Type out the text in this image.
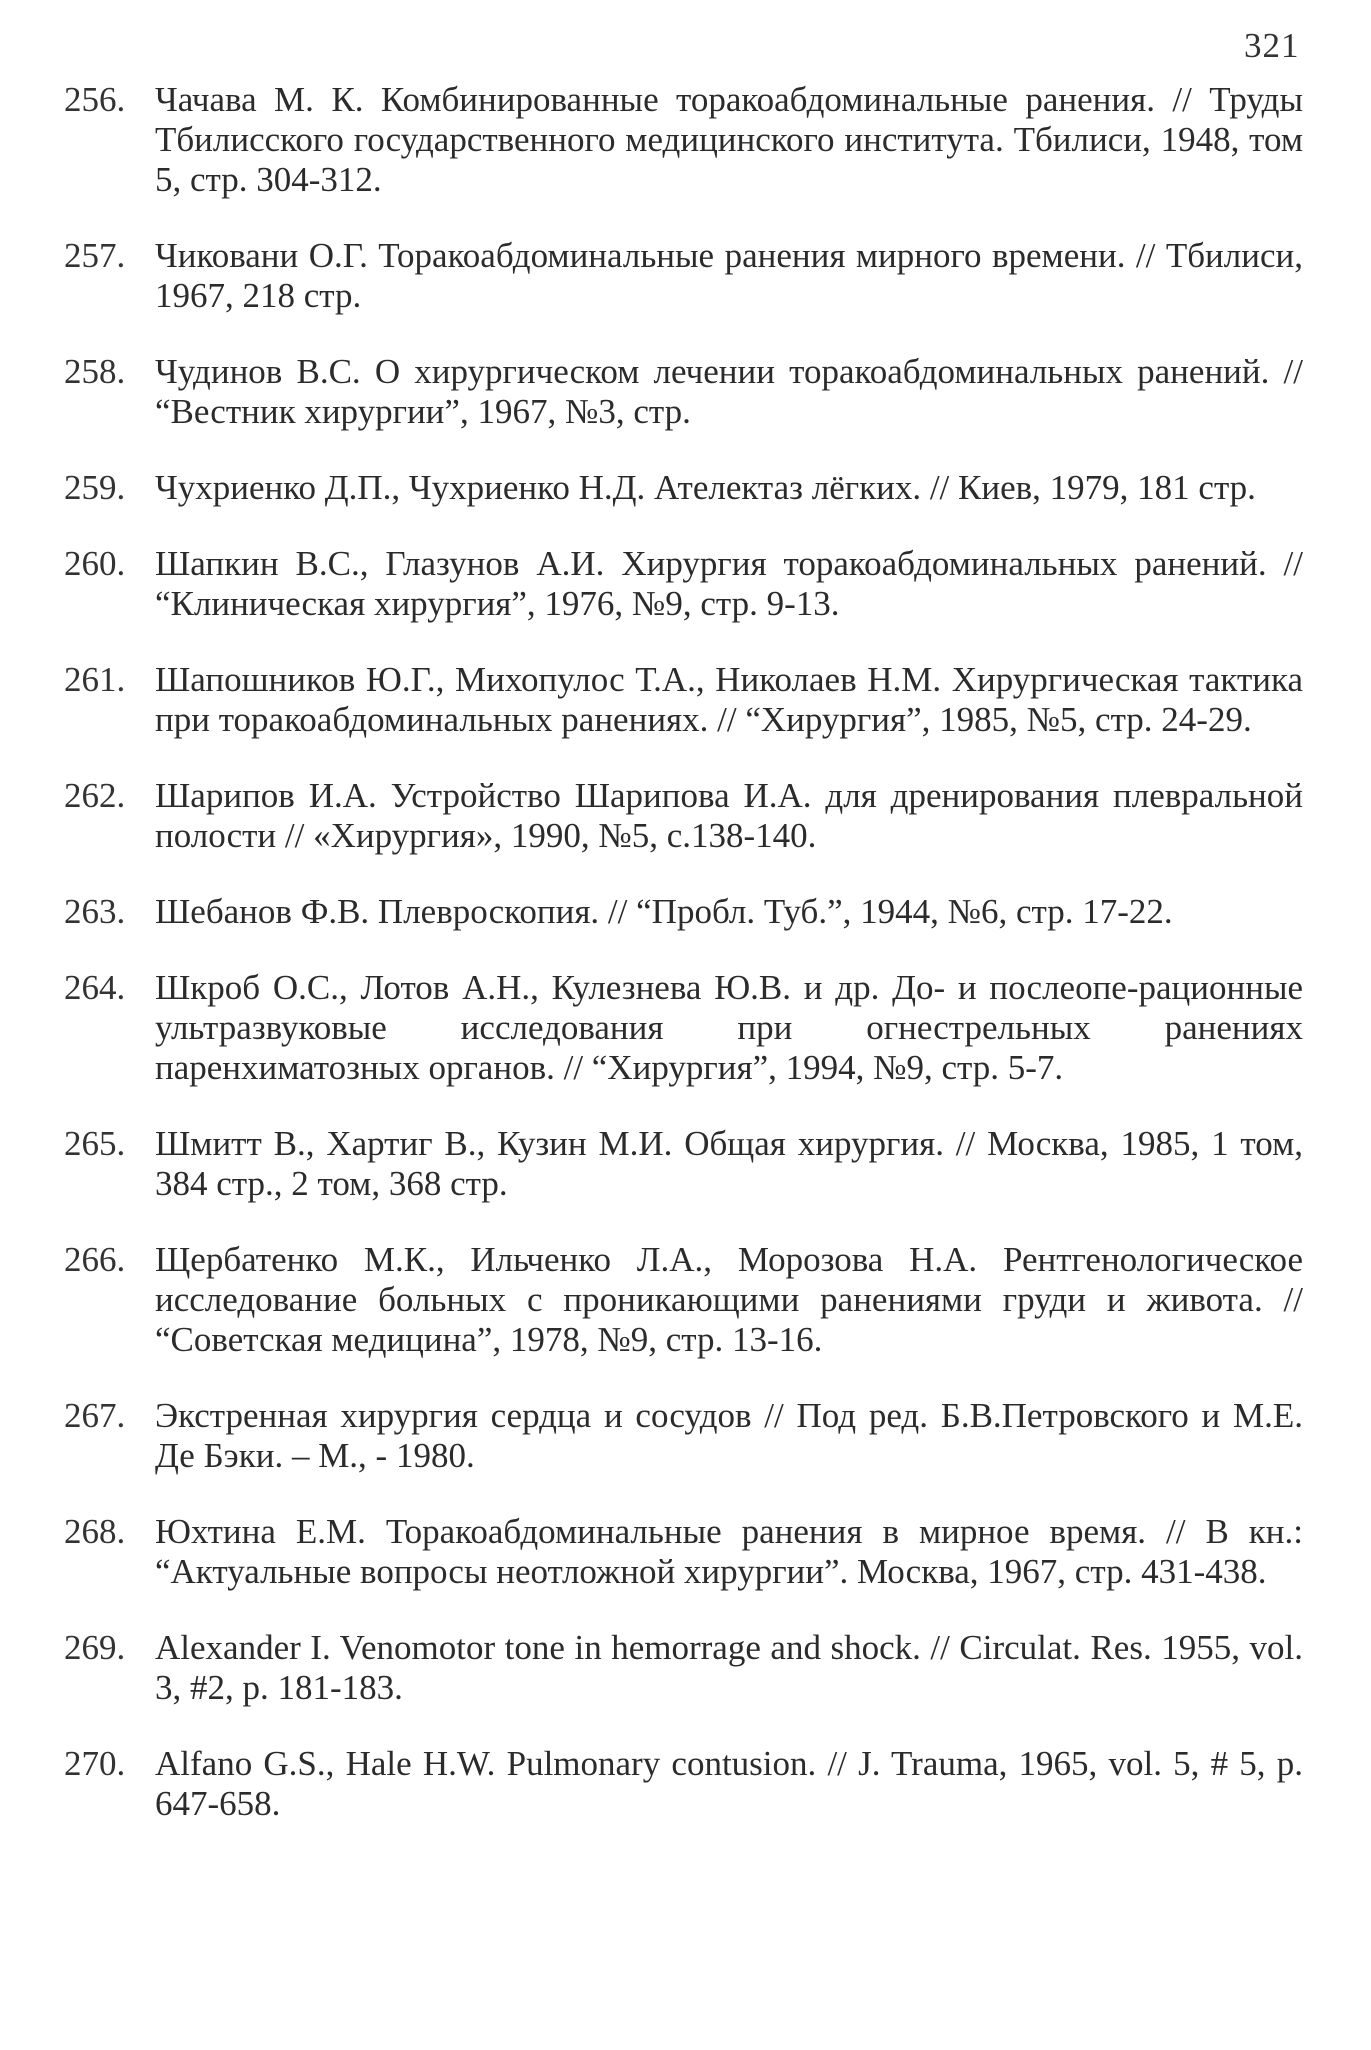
321
256. Чачава М. К. Комбинированные торакоабдоминальные ранения. // Труды Тбилисского государственного медицинского института. Тбилиси, 1948, том 5, стр. 304-312.
257. Чиковани О.Г. Торакоабдоминальные ранения мирного времени. // Тбилиси, 1967, 218 стр.
258. Чудинов В.С. О хирургическом лечении торакоабдоминальных ранений. // “Вестник хирургии”, 1967, №3, стр.
259. Чухриенко Д.П., Чухриенко Н.Д. Ателектаз лёгких. // Киев, 1979, 181 стр.
260. Шапкин В.С., Глазунов А.И. Хирургия торакоабдоминальных ранений. // “Клиническая хирургия”, 1976, №9, стр. 9-13.
261. Шапошников Ю.Г., Михопулос Т.А., Николаев Н.М. Хирургическая тактика при торакоабдоминальных ранениях. // “Хирургия”, 1985, №5, стр. 24-29.
262. Шарипов И.А. Устройство Шарипова И.А. для дренирования плевральной полости // «Хирургия», 1990, №5, с.138-140.
263. Шебанов Ф.В. Плевроскопия. // “Пробл. Туб.”, 1944, №6, стр. 17-22.
264. Шкроб О.С., Лотов А.Н., Кулезнева Ю.В. и др. До- и послеопе-рационные ультразвуковые исследования при огнестрельных ранениях паренхиматозных органов. // “Хирургия”, 1994, №9, стр. 5-7.
265. Шмитт В., Хартиг В., Кузин М.И. Общая хирургия. // Москва, 1985, 1 том, 384 стр., 2 том, 368 стр.
266. Щербатенко М.К., Ильченко Л.А., Морозова Н.А. Рентгенологическое исследование больных с проникающими ранениями груди и живота. // “Советская медицина”, 1978, №9, стр. 13-16.
267. Экстренная хирургия сердца и сосудов // Под ред. Б.В.Петровского и М.Е. Де Бэки. – М., - 1980.
268. Юхтина Е.М. Торакоабдоминальные ранения в мирное время. // В кн.: “Актуальные вопросы неотложной хирургии”. Москва, 1967, стр. 431-438.
269. Alexander I. Venomotor tone in hemorrage and shock. // Circulat. Res. 1955, vol. 3, #2, p. 181-183.
270. Alfano G.S., Hale H.W. Pulmonary contusion. // J. Trauma, 1965, vol. 5, # 5, p. 647-658.
